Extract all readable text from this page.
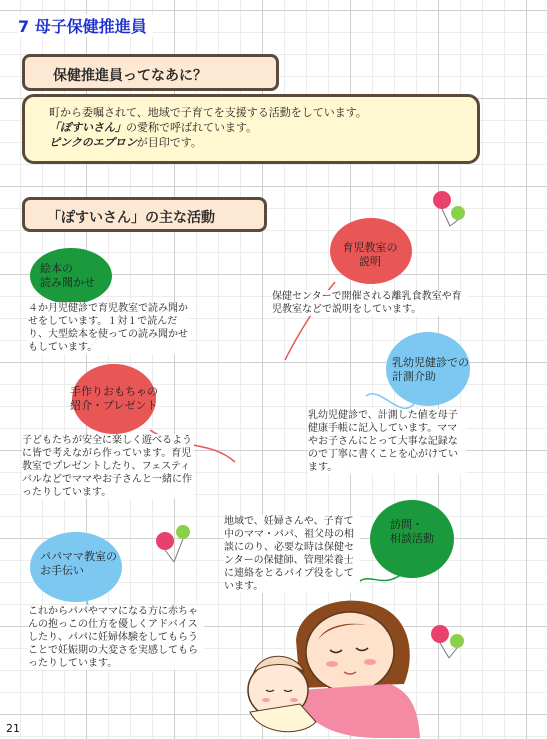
7 母子保健推進員
保健推進員ってなあに？
町から委嘱されて、地域で子育てを支援する活動をしています。
「ぽすいさん」の愛称で呼ばれています。
ピンクのエプロンが目印です。
「ぽすいさん」の主な活動
絵本の
読み聞かせ
４か月児健診で育児教室で読み聞かせをしています。１対１で読んだり、大型絵本を使っての読み聞かせもしています。
育児教室の
説明
保健センターで開催される離乳食教室や育児教室などで説明をしています。
乳幼児健診での
計測介助
乳幼児健診で、計測した値を母子健康手帳に記入しています。ママやお子さんにとって大事な記録なので丁寧に書くことを心がけています。
手作りおもちゃの
紹介・プレゼント
子どもたちが安全に楽しく遊べるように皆で考えながら作っています。育児教室でプレゼントしたり、フェスティバルなどでママやお子さんと一緒に作ったりしています。
訪問・
相談活動
地域で、妊婦さんや、子育て中のママ・パパ、祖父母の相談にのり、必要な時は保健センターの保健師、管理栄養士に連絡をとるパイプ役をしています。
パパママ教室の
お手伝い
これからパパやママになる方に赤ちゃんの抱っこの仕方を優しくアドバイスしたり、パパに妊婦体験をしてもらうことで妊娠期の大変さを実感してもらったりしています。
21
